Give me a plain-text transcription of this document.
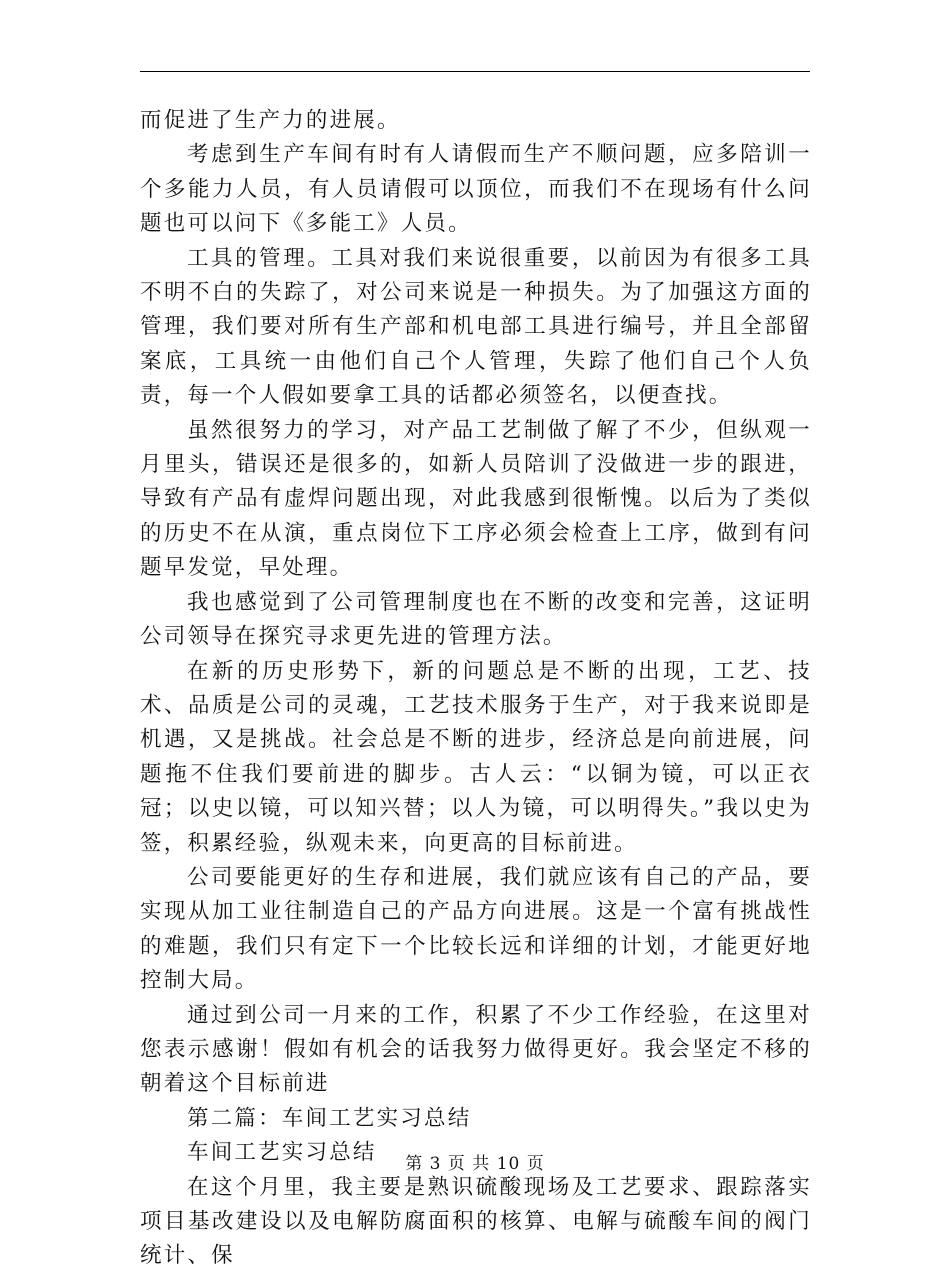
而促进了生产力的进展。

考虑到生产车间有时有人请假而生产不顺问题，应多陪训一个多能力人员，有人员请假可以顶位，而我们不在现场有什么问题也可以问下《多能工》人员。

工具的管理。工具对我们来说很重要，以前因为有很多工具不明不白的失踪了，对公司来说是一种损失。为了加强这方面的管理，我们要对所有生产部和机电部工具进行编号，并且全部留案底，工具统一由他们自己个人管理，失踪了他们自己个人负责，每一个人假如要拿工具的话都必须签名，以便查找。

虽然很努力的学习，对产品工艺制做了解了不少，但纵观一月里头，错误还是很多的，如新人员陪训了没做进一步的跟进，导致有产品有虚焊问题出现，对此我感到很惭愧。以后为了类似的历史不在从演，重点岗位下工序必须会检查上工序，做到有问题早发觉，早处理。

我也感觉到了公司管理制度也在不断的改变和完善，这证明公司领导在探究寻求更先进的管理方法。

在新的历史形势下，新的问题总是不断的出现，工艺、技术、品质是公司的灵魂，工艺技术服务于生产，对于我来说即是机遇，又是挑战。社会总是不断的进步，经济总是向前进展，问题拖不住我们要前进的脚步。古人云：“以铜为镜，可以正衣冠；以史以镜，可以知兴替；以人为镜，可以明得失。”我以史为签，积累经验，纵观未来，向更高的目标前进。

公司要能更好的生存和进展，我们就应该有自己的产品，要实现从加工业往制造自己的产品方向进展。这是一个富有挑战性的难题，我们只有定下一个比较长远和详细的计划，才能更好地控制大局。

通过到公司一月来的工作，积累了不少工作经验，在这里对您表示感谢！假如有机会的话我努力做得更好。我会坚定不移的朝着这个目标前进

第二篇：车间工艺实习总结

车间工艺实习总结

在这个月里，我主要是熟识硫酸现场及工艺要求、跟踪落实项目基改建设以及电解防腐面积的核算、电解与硫酸车间的阀门统计、保

第 3 页 共 10 页
